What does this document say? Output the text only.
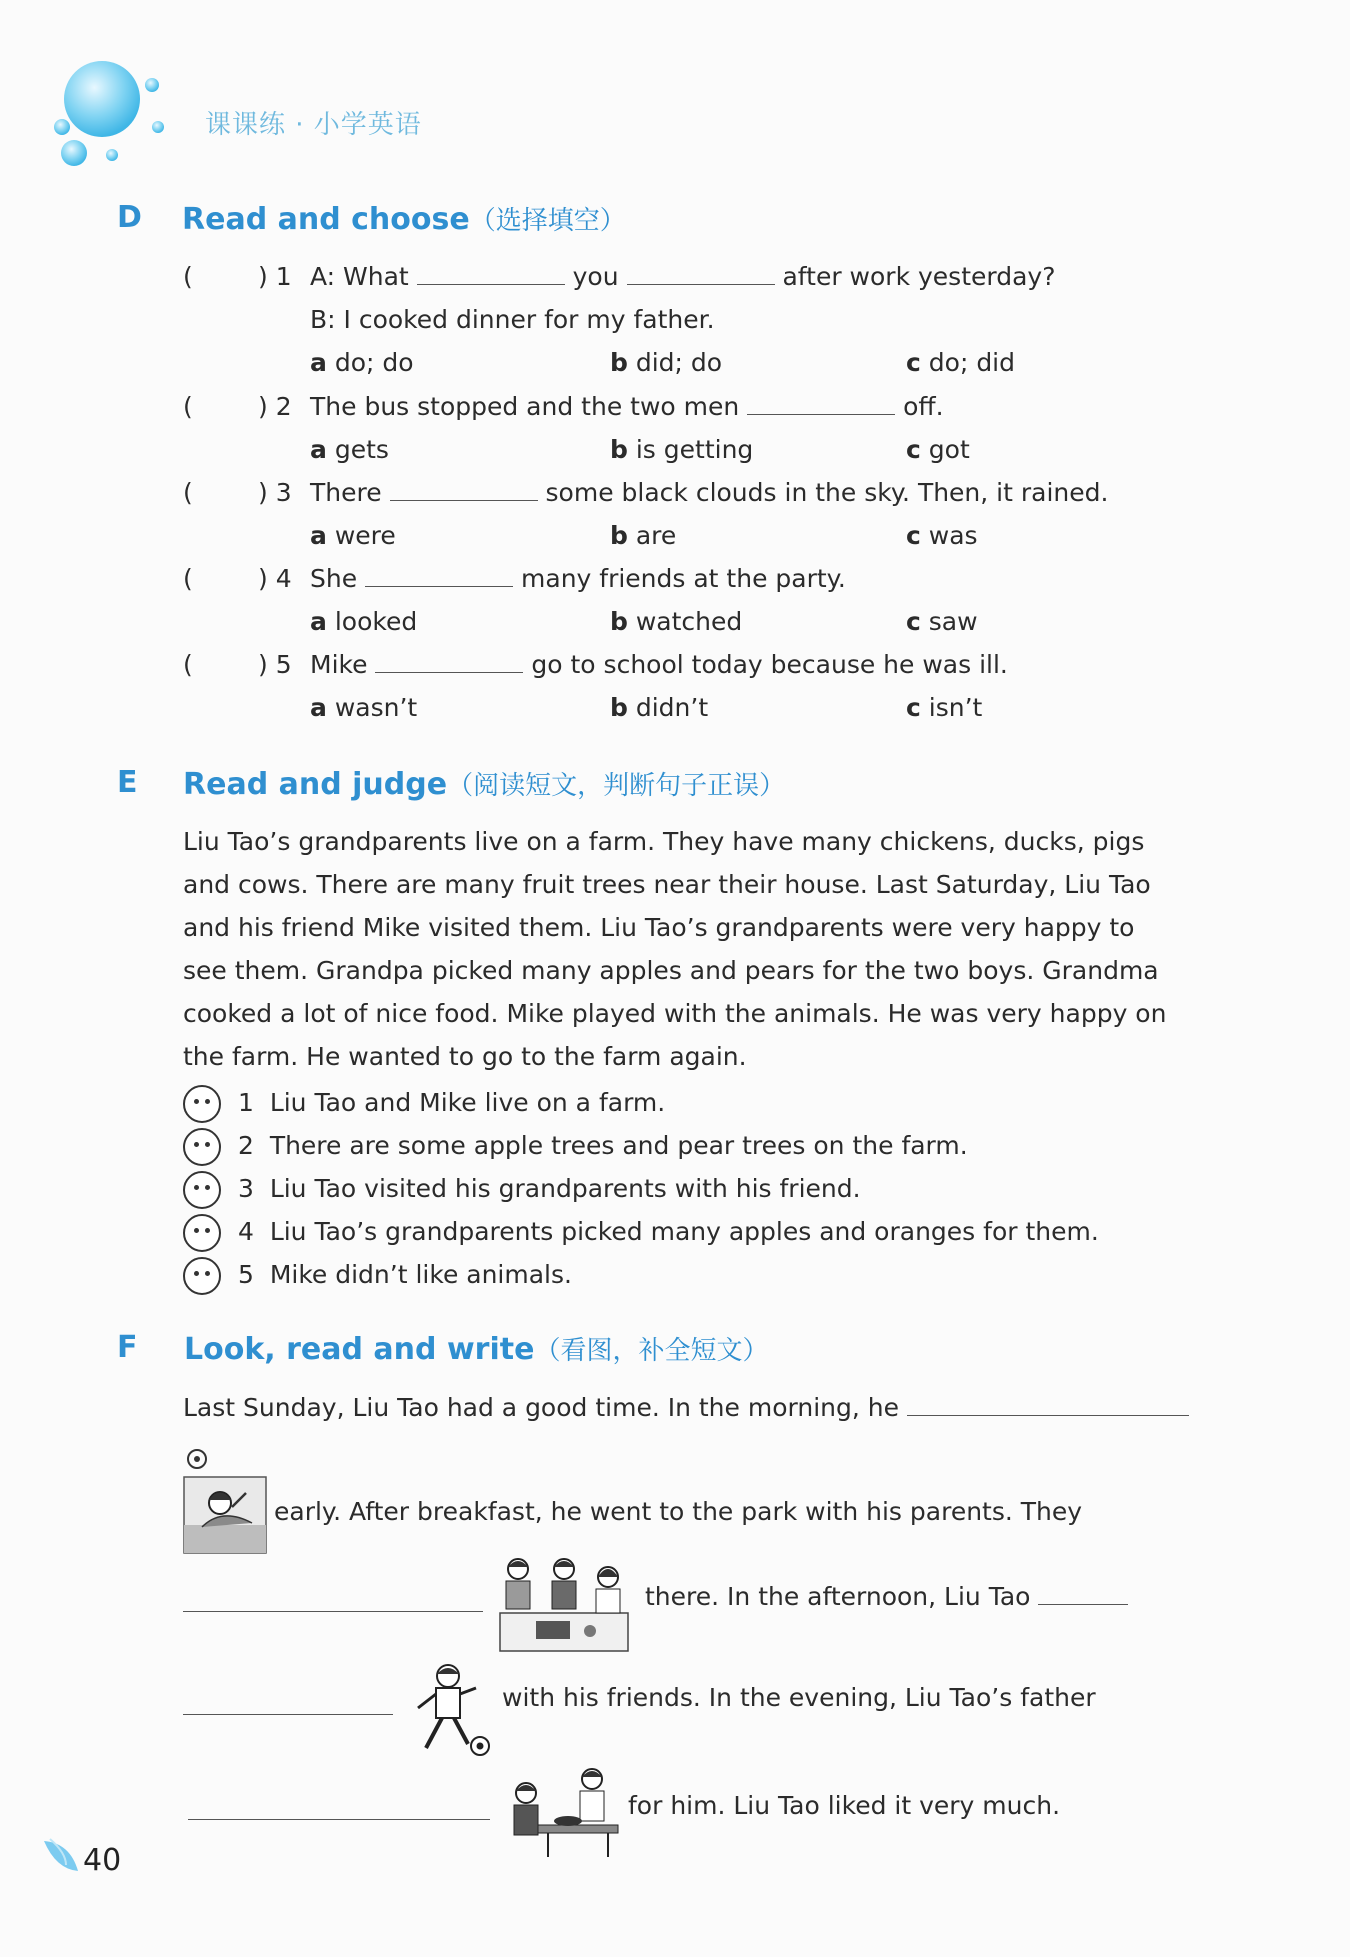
课课练 · 小学英语
D Read and choose（选择填空）
(	) 1 A: What	you	after work yesterday?
B: I cooked dinner for my father.
a do; do	b did; do	c do; did
(	) 2 The bus stopped and the two men	off.
a gets	b is getting	c got
(	) 3 There	some black clouds in the sky. Then, it rained.
a were	b are	c was
(	) 4 She	many friends at the party.
a looked	b watched	c saw
(	) 5 Mike	go to school today because he was ill.
a wasn’t	b didn’t	c isn’t
E Read and judge（阅读短文，判断句子正误）
Liu Tao’s grandparents live on a farm. They have many chickens, ducks, pigs and cows. There are many fruit trees near their house. Last Saturday, Liu Tao and his friend Mike visited them. Liu Tao’s grandparents were very happy to see them. Grandpa picked many apples and pears for the two boys. Grandma cooked a lot of nice food. Mike played with the animals. He was very happy on the farm. He wanted to go to the farm again.
1 Liu Tao and Mike live on a farm.
2 There are some apple trees and pear trees on the farm.
3 Liu Tao visited his grandparents with his friend.
4 Liu Tao’s grandparents picked many apples and oranges for them.
5 Mike didn’t like animals.
F Look, read and write（看图，补全短文）
Last Sunday, Liu Tao had a good time. In the morning, he
early. After breakfast, he went to the park with his parents. They
there. In the afternoon, Liu Tao
with his friends. In the evening, Liu Tao’s father
for him. Liu Tao liked it very much.
40
